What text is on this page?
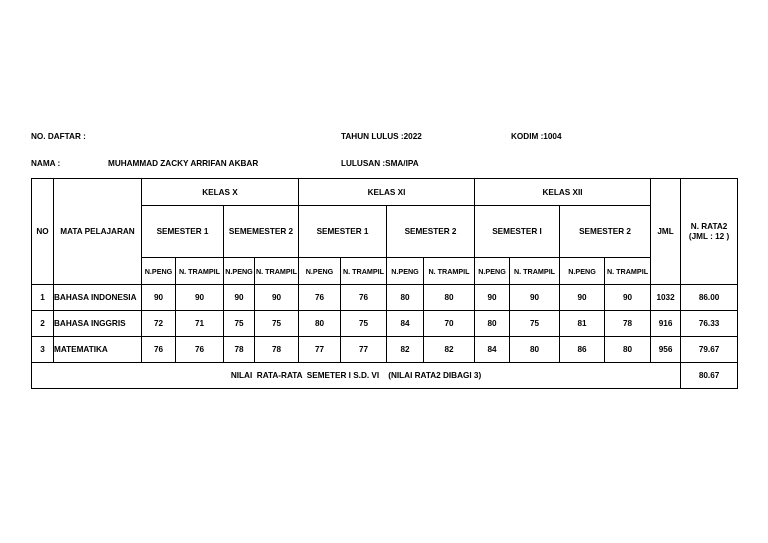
NO. DAFTAR :	TAHUN LULUS :2022	KODIM :1004
NAMA :	MUHAMMAD ZACKY ARRIFAN AKBAR	LULUSAN :SMA/IPA
NO	MATA PELAJARAN	KELAS X				KELAS XI				KELAS XII				JML	N. RATA2 (JML : 12 )
		SEMESTER 1		SEMEMESTER 2		SEMESTER 1		SEMESTER 2		SEMESTER I		SEMESTER 2			
		N.PENG	N. TRAMPIL	N.PENG	N. TRAMPIL	N.PENG	N. TRAMPIL	N.PENG	N. TRAMPIL	N.PENG	N. TRAMPIL	N.PENG	N. TRAMPIL		
1	BAHASA INDONESIA	90	90	90	90	76	76	80	80	90	90	90	90	1032	86.00
2	BAHASA INGGRIS	72	71	75	75	80	75	84	70	80	75	81	78	916	76.33
3	MATEMATIKA	76	76	78	78	77	77	82	82	84	80	86	80	956	79.67
NILAI  RATA-RATA  SEMETER I S.D. VI    (NILAI RATA2 DIBAGI 3)															80.67
